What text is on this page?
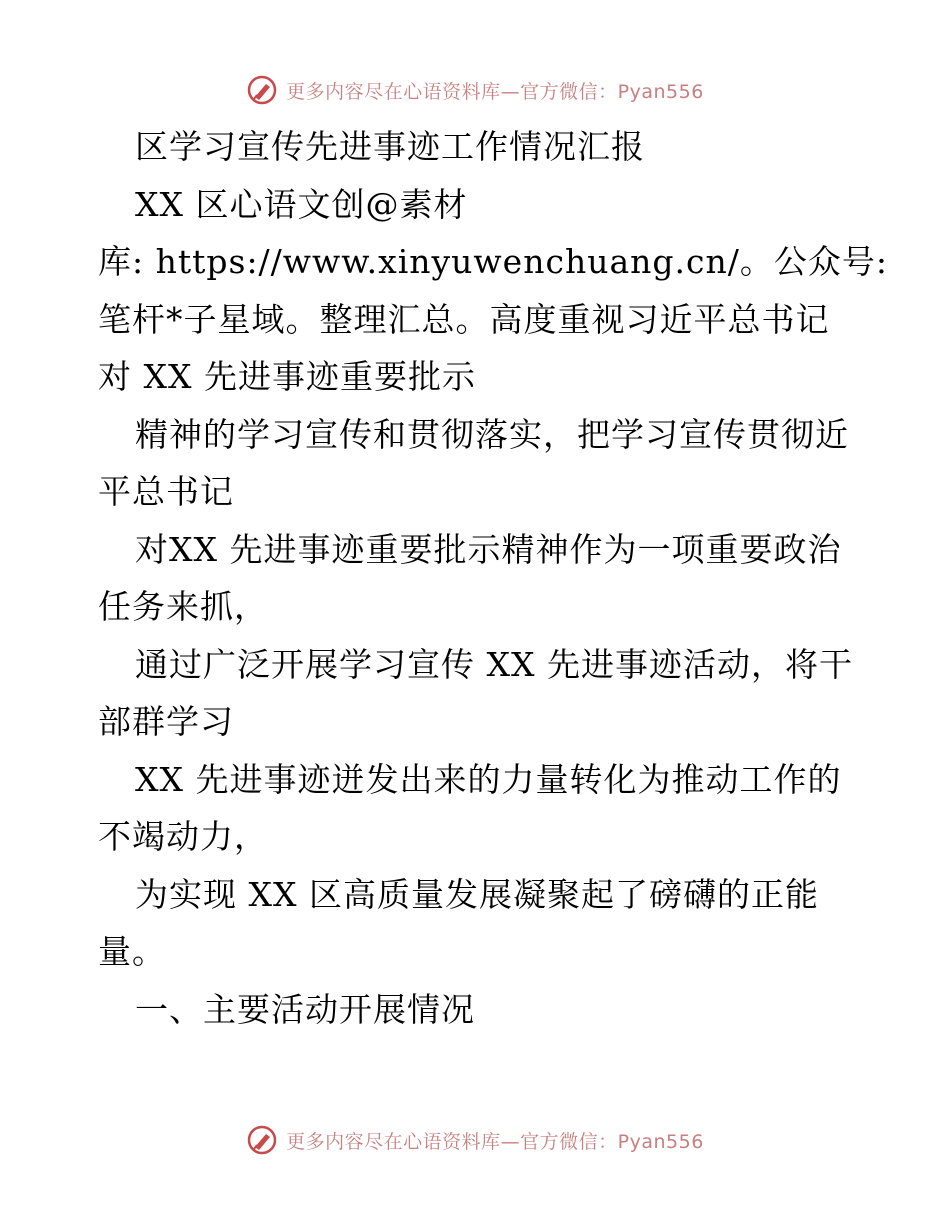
更多内容尽在心语资料库—官方微信：Pyan556
区学习宣传先进事迹工作情况汇报
XX 区心语文创@素材
库: https://www.xinyuwenchuang.cn/。公众号:
笔杆*子星域。整理汇总。高度重视习近平总书记
对 XX 先进事迹重要批示
精神的学习宣传和贯彻落实，把学习宣传贯彻近
平总书记
对XX 先进事迹重要批示精神作为一项重要政治
任务来抓，
通过广泛开展学习宣传 XX 先进事迹活动，将干
部群学习
XX 先进事迹迸发出来的力量转化为推动工作的
不竭动力，
为实现 XX 区高质量发展凝聚起了磅礴的正能
量。
一、主要活动开展情况
更多内容尽在心语资料库—官方微信：Pyan556
